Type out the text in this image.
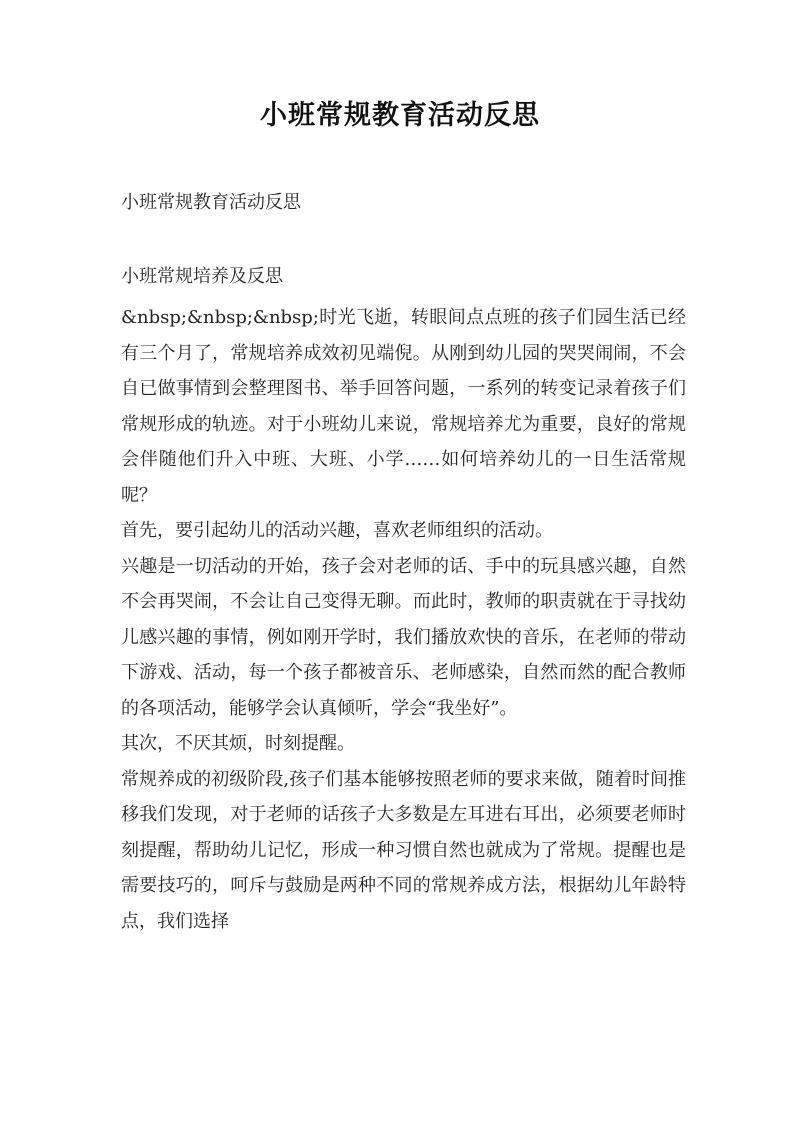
小班常规教育活动反思
小班常规教育活动反思
小班常规培养及反思

&nbsp;&nbsp;&nbsp;时光飞逝，转眼间点点班的孩子们园生活已经有三个月了，常规培养成效初见端倪。从刚到幼儿园的哭哭闹闹，不会自已做事情到会整理图书、举手回答问题，一系列的转变记录着孩子们常规形成的轨迹。对于小班幼儿来说，常规培养尤为重要，良好的常规会伴随他们升入中班、大班、小学……如何培养幼儿的一日生活常规呢？

首先，要引起幼儿的活动兴趣，喜欢老师组织的活动。

兴趣是一切活动的开始，孩子会对老师的话、手中的玩具感兴趣，自然不会再哭闹，不会让自己变得无聊。而此时，教师的职责就在于寻找幼儿感兴趣的事情，例如刚开学时，我们播放欢快的音乐，在老师的带动下游戏、活动，每一个孩子都被音乐、老师感染，自然而然的配合教师的各项活动，能够学会认真倾听，学会“我坐好”。

其次，不厌其烦，时刻提醒。

常规养成的初级阶段,孩子们基本能够按照老师的要求来做，随着时间推移我们发现，对于老师的话孩子大多数是左耳进右耳出，必须要老师时刻提醒，帮助幼儿记忆，形成一种习惯自然也就成为了常规。提醒也是需要技巧的，呵斥与鼓励是两种不同的常规养成方法，根据幼儿年龄特点，我们选择
